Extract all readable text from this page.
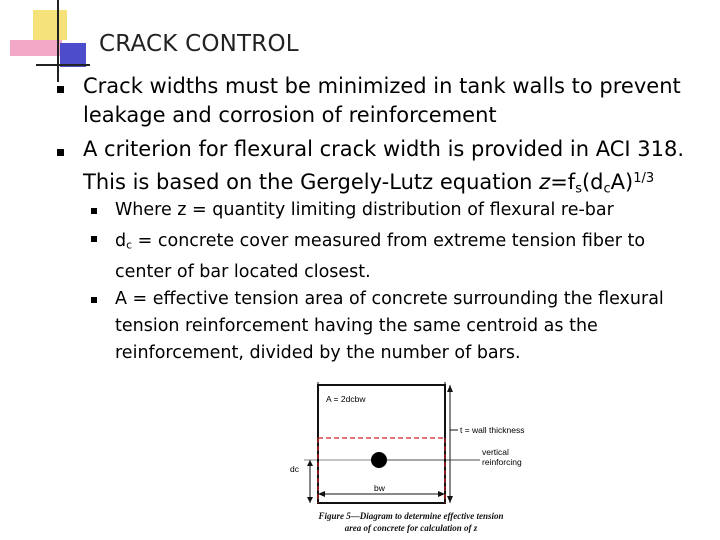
CRACK CONTROL
Crack widths must be minimized in tank walls to prevent leakage and corrosion of reinforcement
A criterion for flexural crack width is provided in ACI 318.
This is based on the Gergely-Lutz equation $z=f_s(d_cA)^{1/3}$
Where z = quantity limiting distribution of flexural re-bar
$d_c$ = concrete cover measured from extreme tension fiber to
center of bar located closest.
A = effective tension area of concrete surrounding the flexural tension reinforcement having the same centroid as the reinforcement, divided by the number of bars.
A = 2dcbw
t = wall thickness
vertical
reinforcing
dc
bw
Figure 5—Diagram to determine effective tension
area of concrete for calculation of z
